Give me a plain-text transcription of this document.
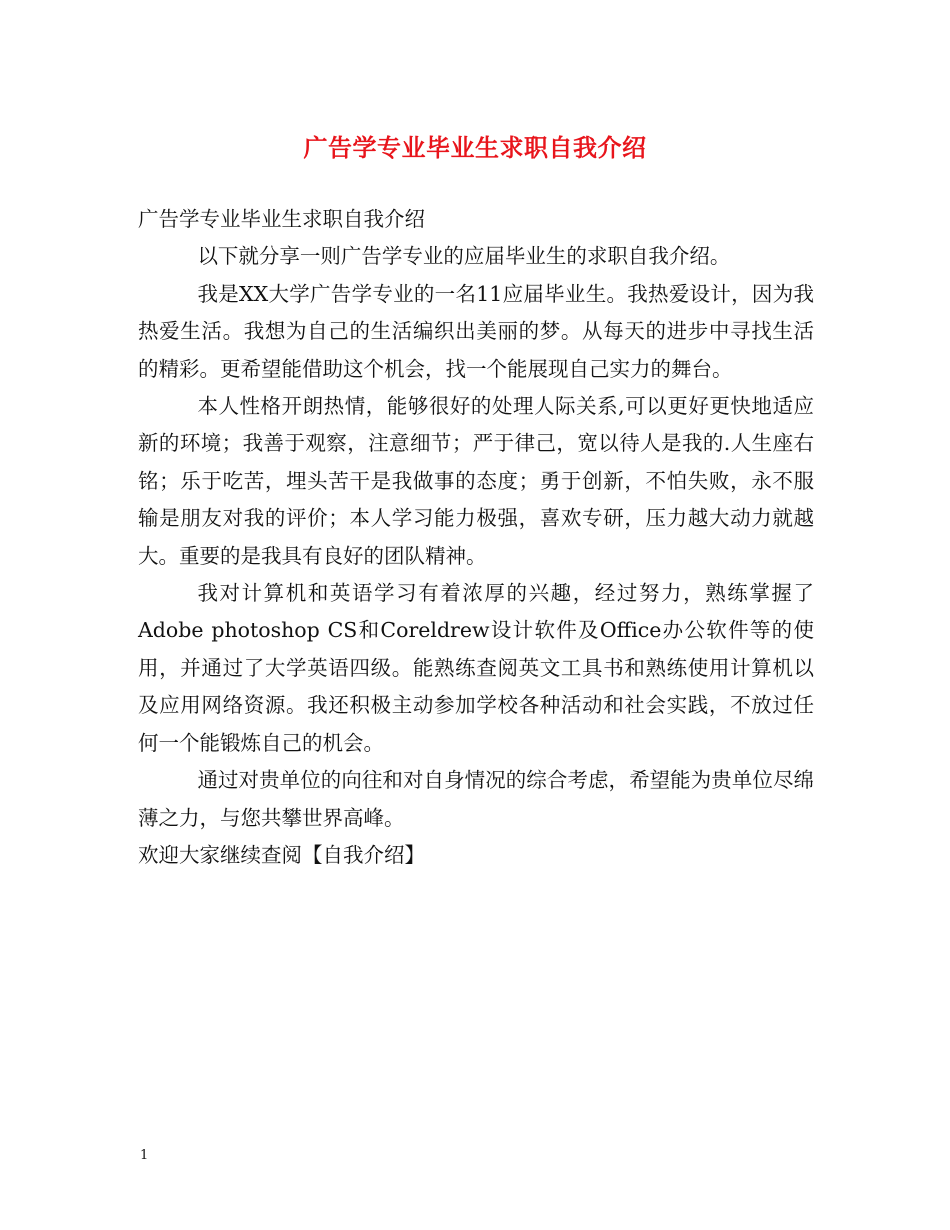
广告学专业毕业生求职自我介绍

广告学专业毕业生求职自我介绍

以下就分享一则广告学专业的应届毕业生的求职自我介绍。

我是XX大学广告学专业的一名11应届毕业生。我热爱设计，因为我热爱生活。我想为自己的生活编织出美丽的梦。从每天的进步中寻找生活的精彩。更希望能借助这个机会，找一个能展现自己实力的舞台。

本人性格开朗热情，能够很好的处理人际关系,可以更好更快地适应新的环境；我善于观察，注意细节；严于律己，宽以待人是我的.人生座右铭；乐于吃苦，埋头苦干是我做事的态度；勇于创新，不怕失败，永不服输是朋友对我的评价；本人学习能力极强，喜欢专研，压力越大动力就越大。重要的是我具有良好的团队精神。

我对计算机和英语学习有着浓厚的兴趣，经过努力，熟练掌握了Adobe photoshop CS和Coreldrew设计软件及Office办公软件等的使用，并通过了大学英语四级。能熟练查阅英文工具书和熟练使用计算机以及应用网络资源。我还积极主动参加学校各种活动和社会实践，不放过任何一个能锻炼自己的机会。

通过对贵单位的向往和对自身情况的综合考虑，希望能为贵单位尽绵薄之力，与您共攀世界高峰。

欢迎大家继续查阅【自我介绍】

1
